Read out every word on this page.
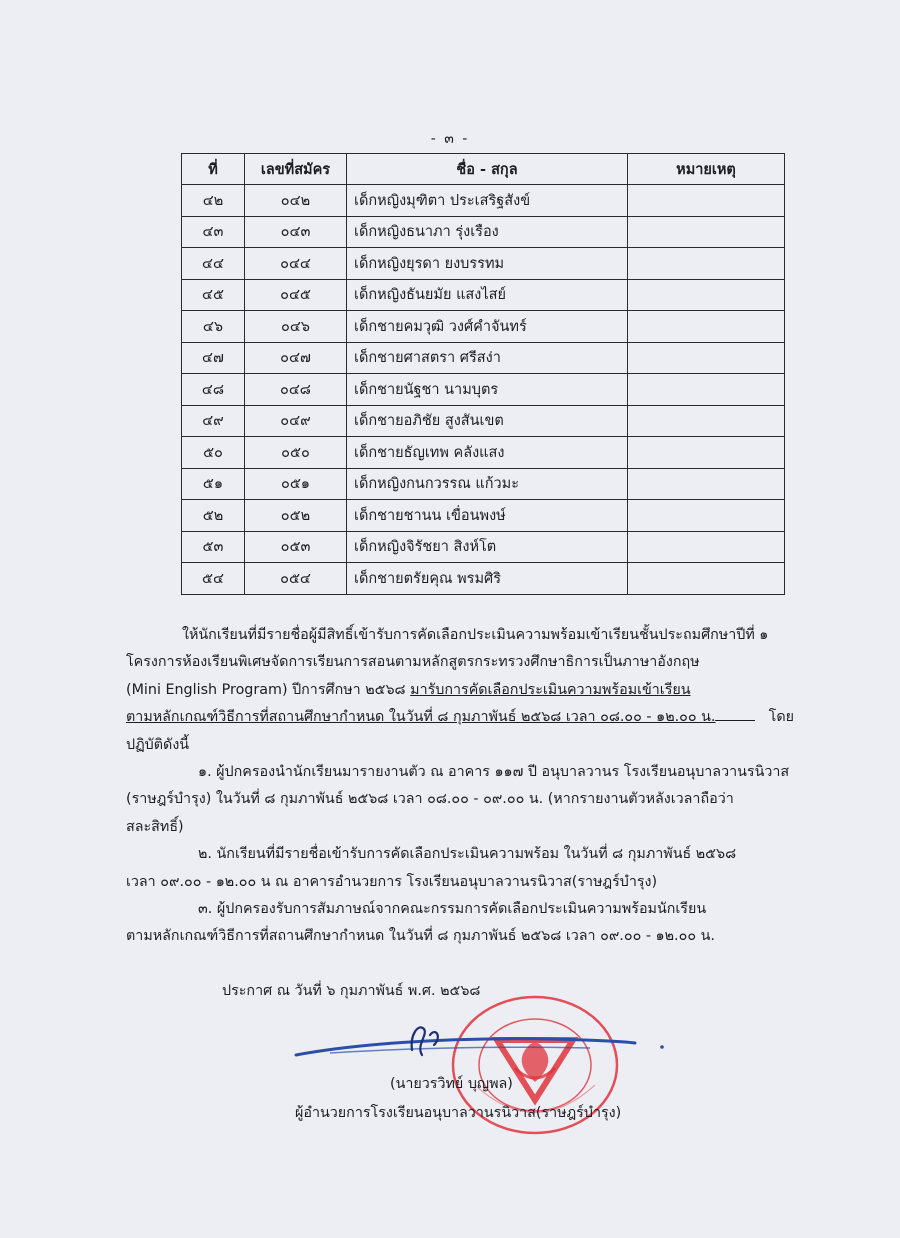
- ๓ -
ที่	เลขที่สมัคร	ชื่อ - สกุล	หมายเหตุ
๔๒	๐๔๒	เด็กหญิงมุฑิตา ประเสริฐสังข์	
๔๓	๐๔๓	เด็กหญิงธนาภา รุ่งเรือง	
๔๔	๐๔๔	เด็กหญิงยุรดา ยงบรรทม	
๔๕	๐๔๕	เด็กหญิงธันยมัย แสงไสย์	
๔๖	๐๔๖	เด็กชายคมวุฒิ วงศ์คำจันทร์	
๔๗	๐๔๗	เด็กชายศาสตรา ศรีสง่า	
๔๘	๐๔๘	เด็กชายนัฐชา นามบุตร	
๔๙	๐๔๙	เด็กชายอภิชัย สูงสันเขต	
๕๐	๐๕๐	เด็กชายธัญเทพ คลังแสง	
๕๑	๐๕๑	เด็กหญิงกนกวรรณ แก้วมะ	
๕๒	๐๕๒	เด็กชายชานน เขื่อนพงษ์	
๕๓	๐๕๓	เด็กหญิงจิรัชยา สิงห์โต	
๕๔	๐๕๔	เด็กชายตรัยคุณ พรมศิริ	

ให้นักเรียนที่มีรายชื่อผู้มีสิทธิ์เข้ารับการคัดเลือกประเมินความพร้อมเข้าเรียนชั้นประถมศึกษาปีที่ ๑

โครงการห้องเรียนพิเศษจัดการเรียนการสอนตามหลักสูตรกระทรวงศึกษาธิการเป็นภาษาอังกฤษ

(Mini English Program) ปีการศึกษา ๒๕๖๘ มารับการคัดเลือกประเมินความพร้อมเข้าเรียน

ตามหลักเกณฑ์วิธีการที่สถานศึกษากำหนด ในวันที่ ๘ กุมภาพันธ์ ๒๕๖๘ เวลา ๐๘.๐๐ - ๑๒.๐๐ น.	โดย

ปฏิบัติดังนี้

๑. ผู้ปกครองนำนักเรียนมารายงานตัว ณ อาคาร ๑๑๗ ปี อนุบาลวานร โรงเรียนอนุบาลวานรนิวาส

(ราษฎร์บำรุง) ในวันที่ ๘ กุมภาพันธ์ ๒๕๖๘ เวลา ๐๘.๐๐ - ๐๙.๐๐ น. (หากรายงานตัวหลังเวลาถือว่า

สละสิทธิ์)

๒. นักเรียนที่มีรายชื่อเข้ารับการคัดเลือกประเมินความพร้อม ในวันที่ ๘ กุมภาพันธ์ ๒๕๖๘

เวลา ๐๙.๐๐ - ๑๒.๐๐ น ณ อาคารอำนวยการ โรงเรียนอนุบาลวานรนิวาส(ราษฎร์บำรุง)

๓. ผู้ปกครองรับการสัมภาษณ์จากคณะกรรมการคัดเลือกประเมินความพร้อมนักเรียน

ตามหลักเกณฑ์วิธีการที่สถานศึกษากำหนด ในวันที่ ๘ กุมภาพันธ์ ๒๕๖๘ เวลา ๐๙.๐๐ - ๑๒.๐๐ น.

ประกาศ ณ วันที่ ๖ กุมภาพันธ์ พ.ศ. ๒๕๖๘
(นายวรวิทย์ บุญพล)
ผู้อำนวยการโรงเรียนอนุบาลวานรนิวาส(ราษฎร์บำรุง)
